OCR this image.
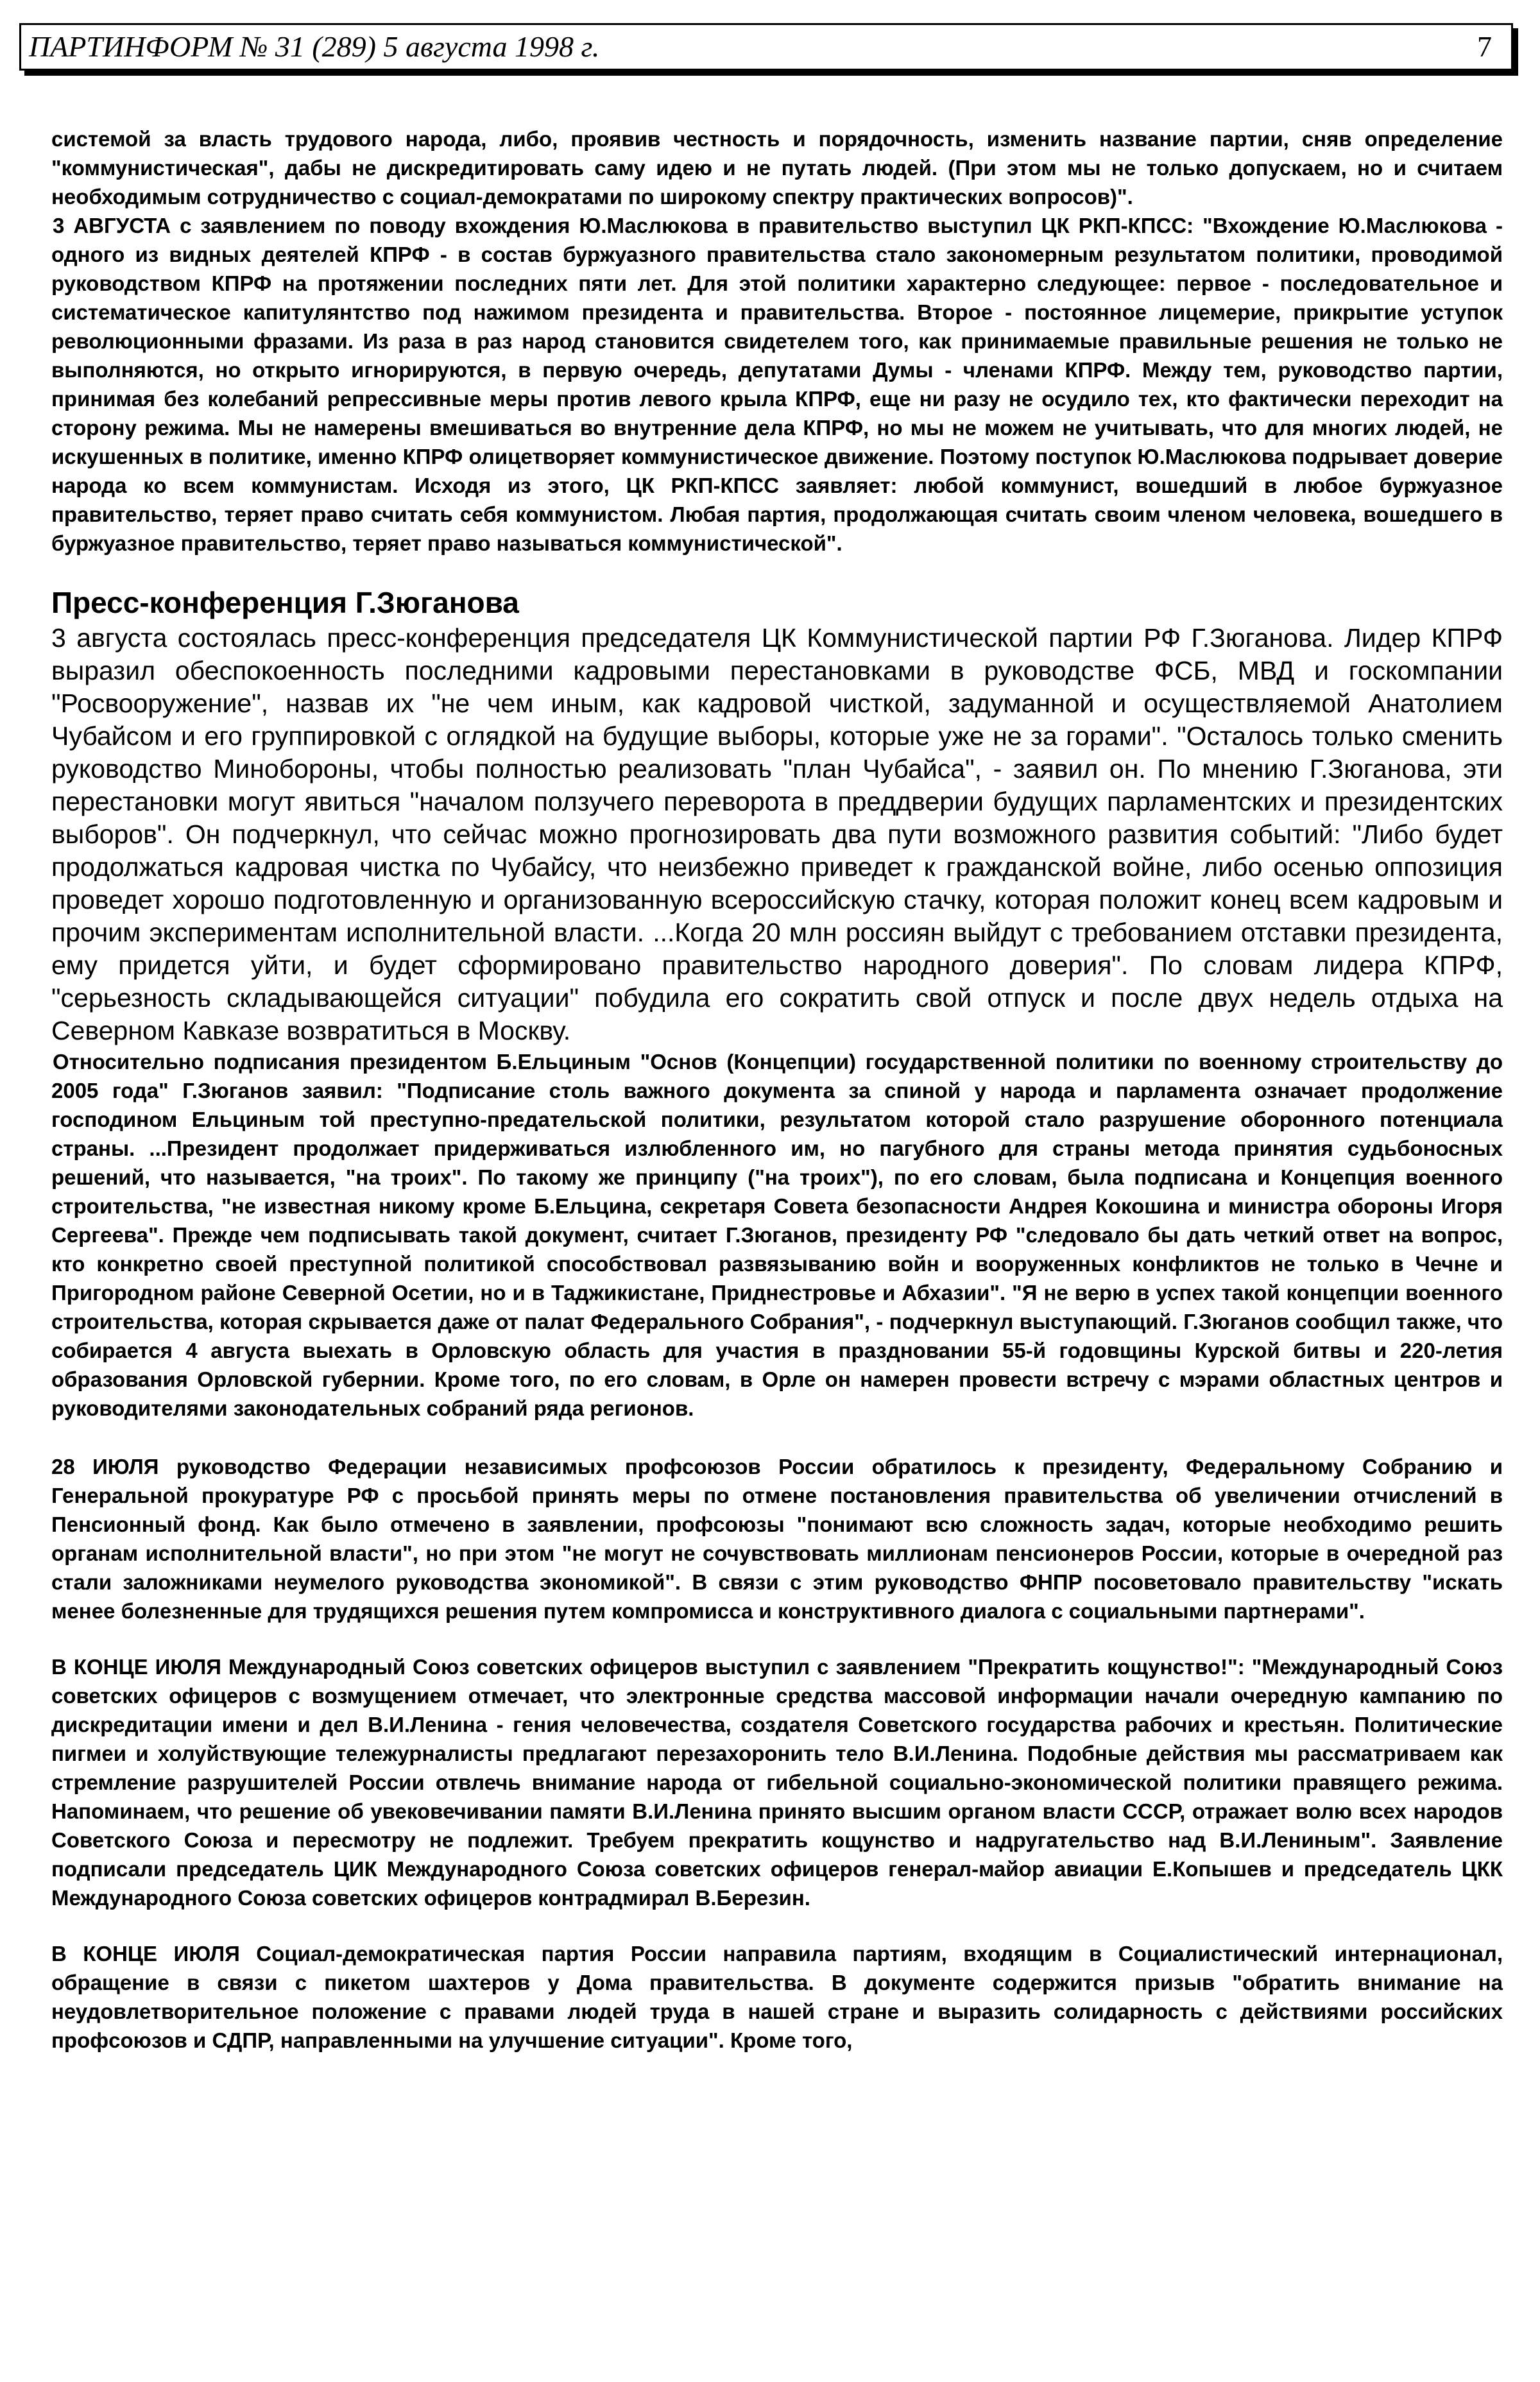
ПАРТИНФОРМ № 31 (289) 5 августа 1998 г.	7

системой за власть трудового народа, либо, проявив честность и порядочность, изменить название партии, сняв определение "коммунистическая", дабы не дискредитировать саму идею и не путать людей. (При этом мы не только допускаем, но и считаем необходимым сотрудничество с социал-демократами по широкому спектру практических вопросов)".

3 АВГУСТА с заявлением по поводу вхождения Ю.Маслюкова в правительство выступил ЦК РКП-КПСС: "Вхождение Ю.Маслюкова - одного из видных деятелей КПРФ - в состав буржуазного правительства стало закономерным результатом политики, проводимой руководством КПРФ на протяжении последних пяти лет. Для этой политики характерно следующее: первое - последовательное и систематическое капитулянтство под нажимом президента и правительства. Второе - постоянное лицемерие, прикрытие уступок революционными фразами. Из раза в раз народ становится свидетелем того, как принимаемые правильные решения не только не выполняются, но открыто игнорируются, в первую очередь, депутатами Думы - членами КПРФ. Между тем, руководство партии, принимая без колебаний репрессивные меры против левого крыла КПРФ, еще ни разу не осудило тех, кто фактически переходит на сторону режима. Мы не намерены вмешиваться во внутренние дела КПРФ, но мы не можем не учитывать, что для многих людей, не искушенных в политике, именно КПРФ олицетворяет коммунистическое движение. Поэтому поступок Ю.Маслюкова подрывает доверие народа ко всем коммунистам. Исходя из этого, ЦК РКП-КПСС заявляет: любой коммунист, вошедший в любое буржуазное правительство, теряет право считать себя коммунистом. Любая партия, продолжающая считать своим членом человека, вошедшего в буржуазное правительство, теряет право называться коммунистической".

Пресс-конференция Г.Зюганова

3 августа состоялась пресс-конференция председателя ЦК Коммунистической партии РФ Г.Зюганова. Лидер КПРФ выразил обеспокоенность последними кадровыми перестановками в руководстве ФСБ, МВД и госкомпании "Росвооружение", назвав их "не чем иным, как кадровой чисткой, задуманной и осуществляемой Анатолием Чубайсом и его группировкой с оглядкой на будущие выборы, которые уже не за горами". "Осталось только сменить руководство Минобороны, чтобы полностью реализовать "план Чубайса", - заявил он. По мнению Г.Зюганова, эти перестановки могут явиться "началом ползучего переворота в преддверии будущих парламентских и президентских выборов". Он подчеркнул, что сейчас можно прогнозировать два пути возможного развития событий: "Либо будет продолжаться кадровая чистка по Чубайсу, что неизбежно приведет к гражданской войне, либо осенью оппозиция проведет хорошо подготовленную и организованную всероссийскую стачку, которая положит конец всем кадровым и прочим экспериментам исполнительной власти. ...Когда 20 млн россиян выйдут с требованием отставки президента, ему придется уйти, и будет сформировано правительство народного доверия". По словам лидера КПРФ, "серьезность складывающейся ситуации" побудила его сократить свой отпуск и после двух недель отдыха на Северном Кавказе возвратиться в Москву.

Относительно подписания президентом Б.Ельциным "Основ (Концепции) государственной политики по военному строительству до 2005 года" Г.Зюганов заявил: "Подписание столь важного документа за спиной у народа и парламента означает продолжение господином Ельциным той преступно-предательской политики, результатом которой стало разрушение оборонного потенциала страны. ...Президент продолжает придерживаться излюбленного им, но пагубного для страны метода принятия судьбоносных решений, что называется, "на троих". По такому же принципу ("на троих"), по его словам, была подписана и Концепция военного строительства, "не известная никому кроме Б.Ельцина, секретаря Совета безопасности Андрея Кокошина и министра обороны Игоря Сергеева". Прежде чем подписывать такой документ, считает Г.Зюганов, президенту РФ "следовало бы дать четкий ответ на вопрос, кто конкретно своей преступной политикой способствовал развязыванию войн и вооруженных конфликтов не только в Чечне и Пригородном районе Северной Осетии, но и в Таджикистане, Приднестровье и Абхазии". "Я не верю в успех такой концепции военного строительства, которая скрывается даже от палат Федерального Собрания", - подчеркнул выступающий. Г.Зюганов сообщил также, что собирается 4 августа выехать в Орловскую область для участия в праздновании 55-й годовщины Курской битвы и 220-летия образования Орловской губернии. Кроме того, по его словам, в Орле он намерен провести встречу с мэрами областных центров и руководителями законодательных собраний ряда регионов.

28 ИЮЛЯ руководство Федерации независимых профсоюзов России обратилось к президенту, Федеральному Собранию и Генеральной прокуратуре РФ с просьбой принять меры по отмене постановления правительства об увеличении отчислений в Пенсионный фонд. Как было отмечено в заявлении, профсоюзы "понимают всю сложность задач, которые необходимо решить органам исполнительной власти", но при этом "не могут не сочувствовать миллионам пенсионеров России, которые в очередной раз стали заложниками неумелого руководства экономикой". В связи с этим руководство ФНПР посоветовало правительству "искать менее болезненные для трудящихся решения путем компромисса и конструктивного диалога с социальными партнерами".

В КОНЦЕ ИЮЛЯ Международный Союз советских офицеров выступил с заявлением "Прекратить кощунство!": "Международный Союз советских офицеров с возмущением отмечает, что электронные средства массовой информации начали очередную кампанию по дискредитации имени и дел В.И.Ленина - гения человечества, создателя Советского государства рабочих и крестьян. Политические пигмеи и холуйствующие тележурналисты предлагают перезахоронить тело В.И.Ленина. Подобные действия мы рассматриваем как стремление разрушителей России отвлечь внимание народа от гибельной социально-экономической политики правящего режима. Напоминаем, что решение об увековечивании памяти В.И.Ленина принято высшим органом власти СССР, отражает волю всех народов Советского Союза и пересмотру не подлежит. Требуем прекратить кощунство и надругательство над В.И.Лениным". Заявление подписали председатель ЦИК Международного Союза советских офицеров генерал-майор авиации Е.Копышев и председатель ЦКК Международного Союза советских офицеров контрадмирал В.Березин.

В КОНЦЕ ИЮЛЯ Социал-демократическая партия России направила партиям, входящим в Социалистический интернационал, обращение в связи с пикетом шахтеров у Дома правительства. В документе содержится призыв "обратить внимание на неудовлетворительное положение с правами людей труда в нашей стране и выразить солидарность с действиями российских профсоюзов и СДПР, направленными на улучшение ситуации". Кроме того,
